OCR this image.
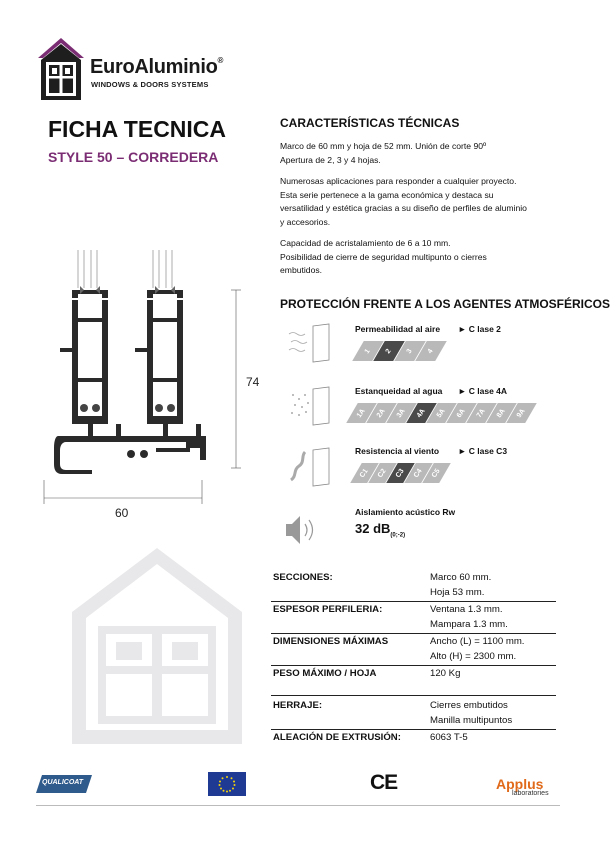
EuroAluminio®
WINDOWS & DOORS SYSTEMS
FICHA TECNICA
STYLE 50 – CORREDERA
74
60
CARACTERÍSTICAS TÉCNICAS
Marco de 60 mm y hoja de 52 mm. Unión de corte 90º
Apertura de 2, 3 y 4 hojas.
Numerosas aplicaciones para responder a cualquier proyecto.
Esta serie pertenece a la gama económica y destaca su
versatilidad y estética gracias a su diseño de perfiles de aluminio
y accesorios.
Capacidad de acristalamiento de 6 a 10 mm.
Posibilidad de cierre de seguridad multipunto o cierres
embutidos.
PROTECCIÓN FRENTE A LOS AGENTES ATMOSFÉRICOS
Permeabilidad al aire ► C lase 2
1 2 3 4
Estanqueidad al agua ► C lase 4A
1A 2A 3A 4A 5A 6A 7A 8A 9A
Resistencia al viento ► C lase C3
C1 C2 C3 C4 C5
Aislamiento acústico Rw
32 $dB_{(0;-2)}$
SECCIONES:	Marco 60 mm.
Hoja 53 mm.
ESPESOR PERFILERIA:	Ventana 1.3 mm.
Mampara 1.3 mm.
DIMENSIONES MÁXIMAS	Ancho (L) = 1100 mm.
Alto (H) = 2300 mm.
PESO MÁXIMO / HOJA	120 Kg
HERRAJE:	Cierres embutidos
Manilla multipuntos
ALEACIÓN DE EXTRUSIÓN:	6063 T-5
QUALICOAT	CE	Applus
laboratories
